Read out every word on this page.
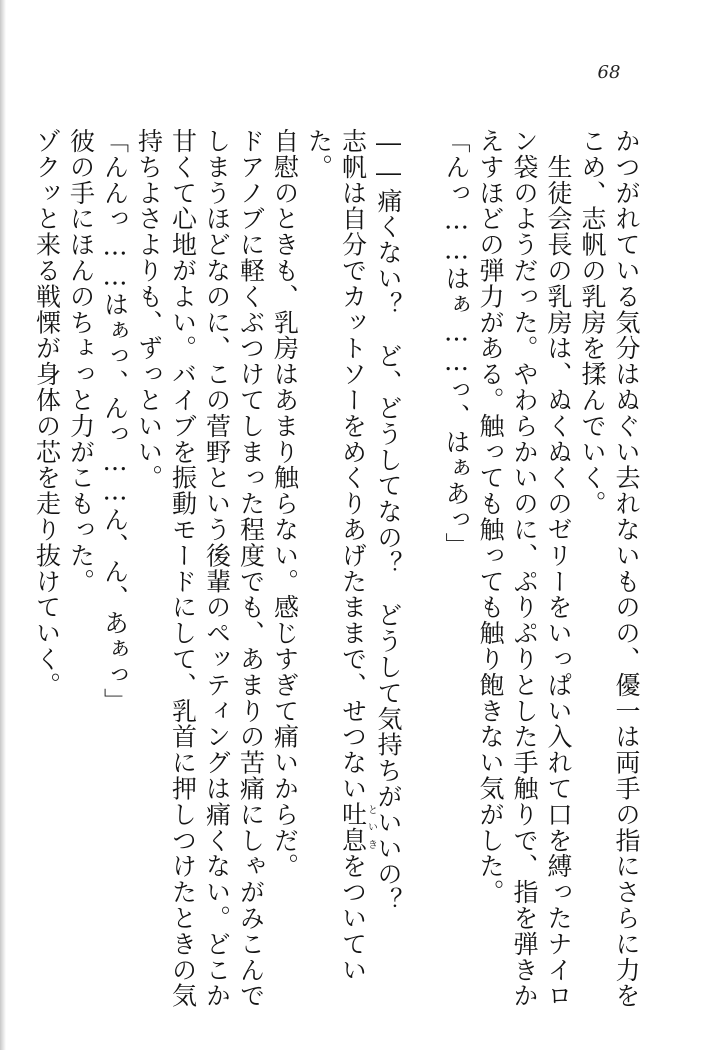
68

かつがれている気分はぬぐい去れないものの、優一は両手の指にさらに力をこめ、志帆の乳房を揉んでいく。

　生徒会長の乳房は、ぬくぬくのゼリーをいっぱい入れて口を縛ったナイロン袋のようだった。やわらかいのに、ぷりぷりとした手触りで、指を弾きかえすほどの弾力がある。触っても触っても触り飽きない気がした。

「んっ……はぁ……っ、はぁあっ」

――痛くない？　ど、どうしてなの？　どうして気持ちがいいの？
志帆は自分でカットソーをめくりあげたままで、せつない吐息といきをついていた。

自慰のときも、乳房はあまり触らない。感じすぎて痛いからだ。
ドアノブに軽くぶつけてしまった程度でも、あまりの苦痛にしゃがみこんでしまうほどなのに、この菅野という後輩のペッティングは痛くない。どこか甘くて心地がよい。バイブを振動モードにして、乳首に押しつけたときの気持ちよさよりも、ずっといい。

「んんっ……はぁっ、んっ……ん、ん、あぁっ」
彼の手にほんのちょっと力がこもった。
ゾクッと来る戦慄が身体の芯を走り抜けていく。
